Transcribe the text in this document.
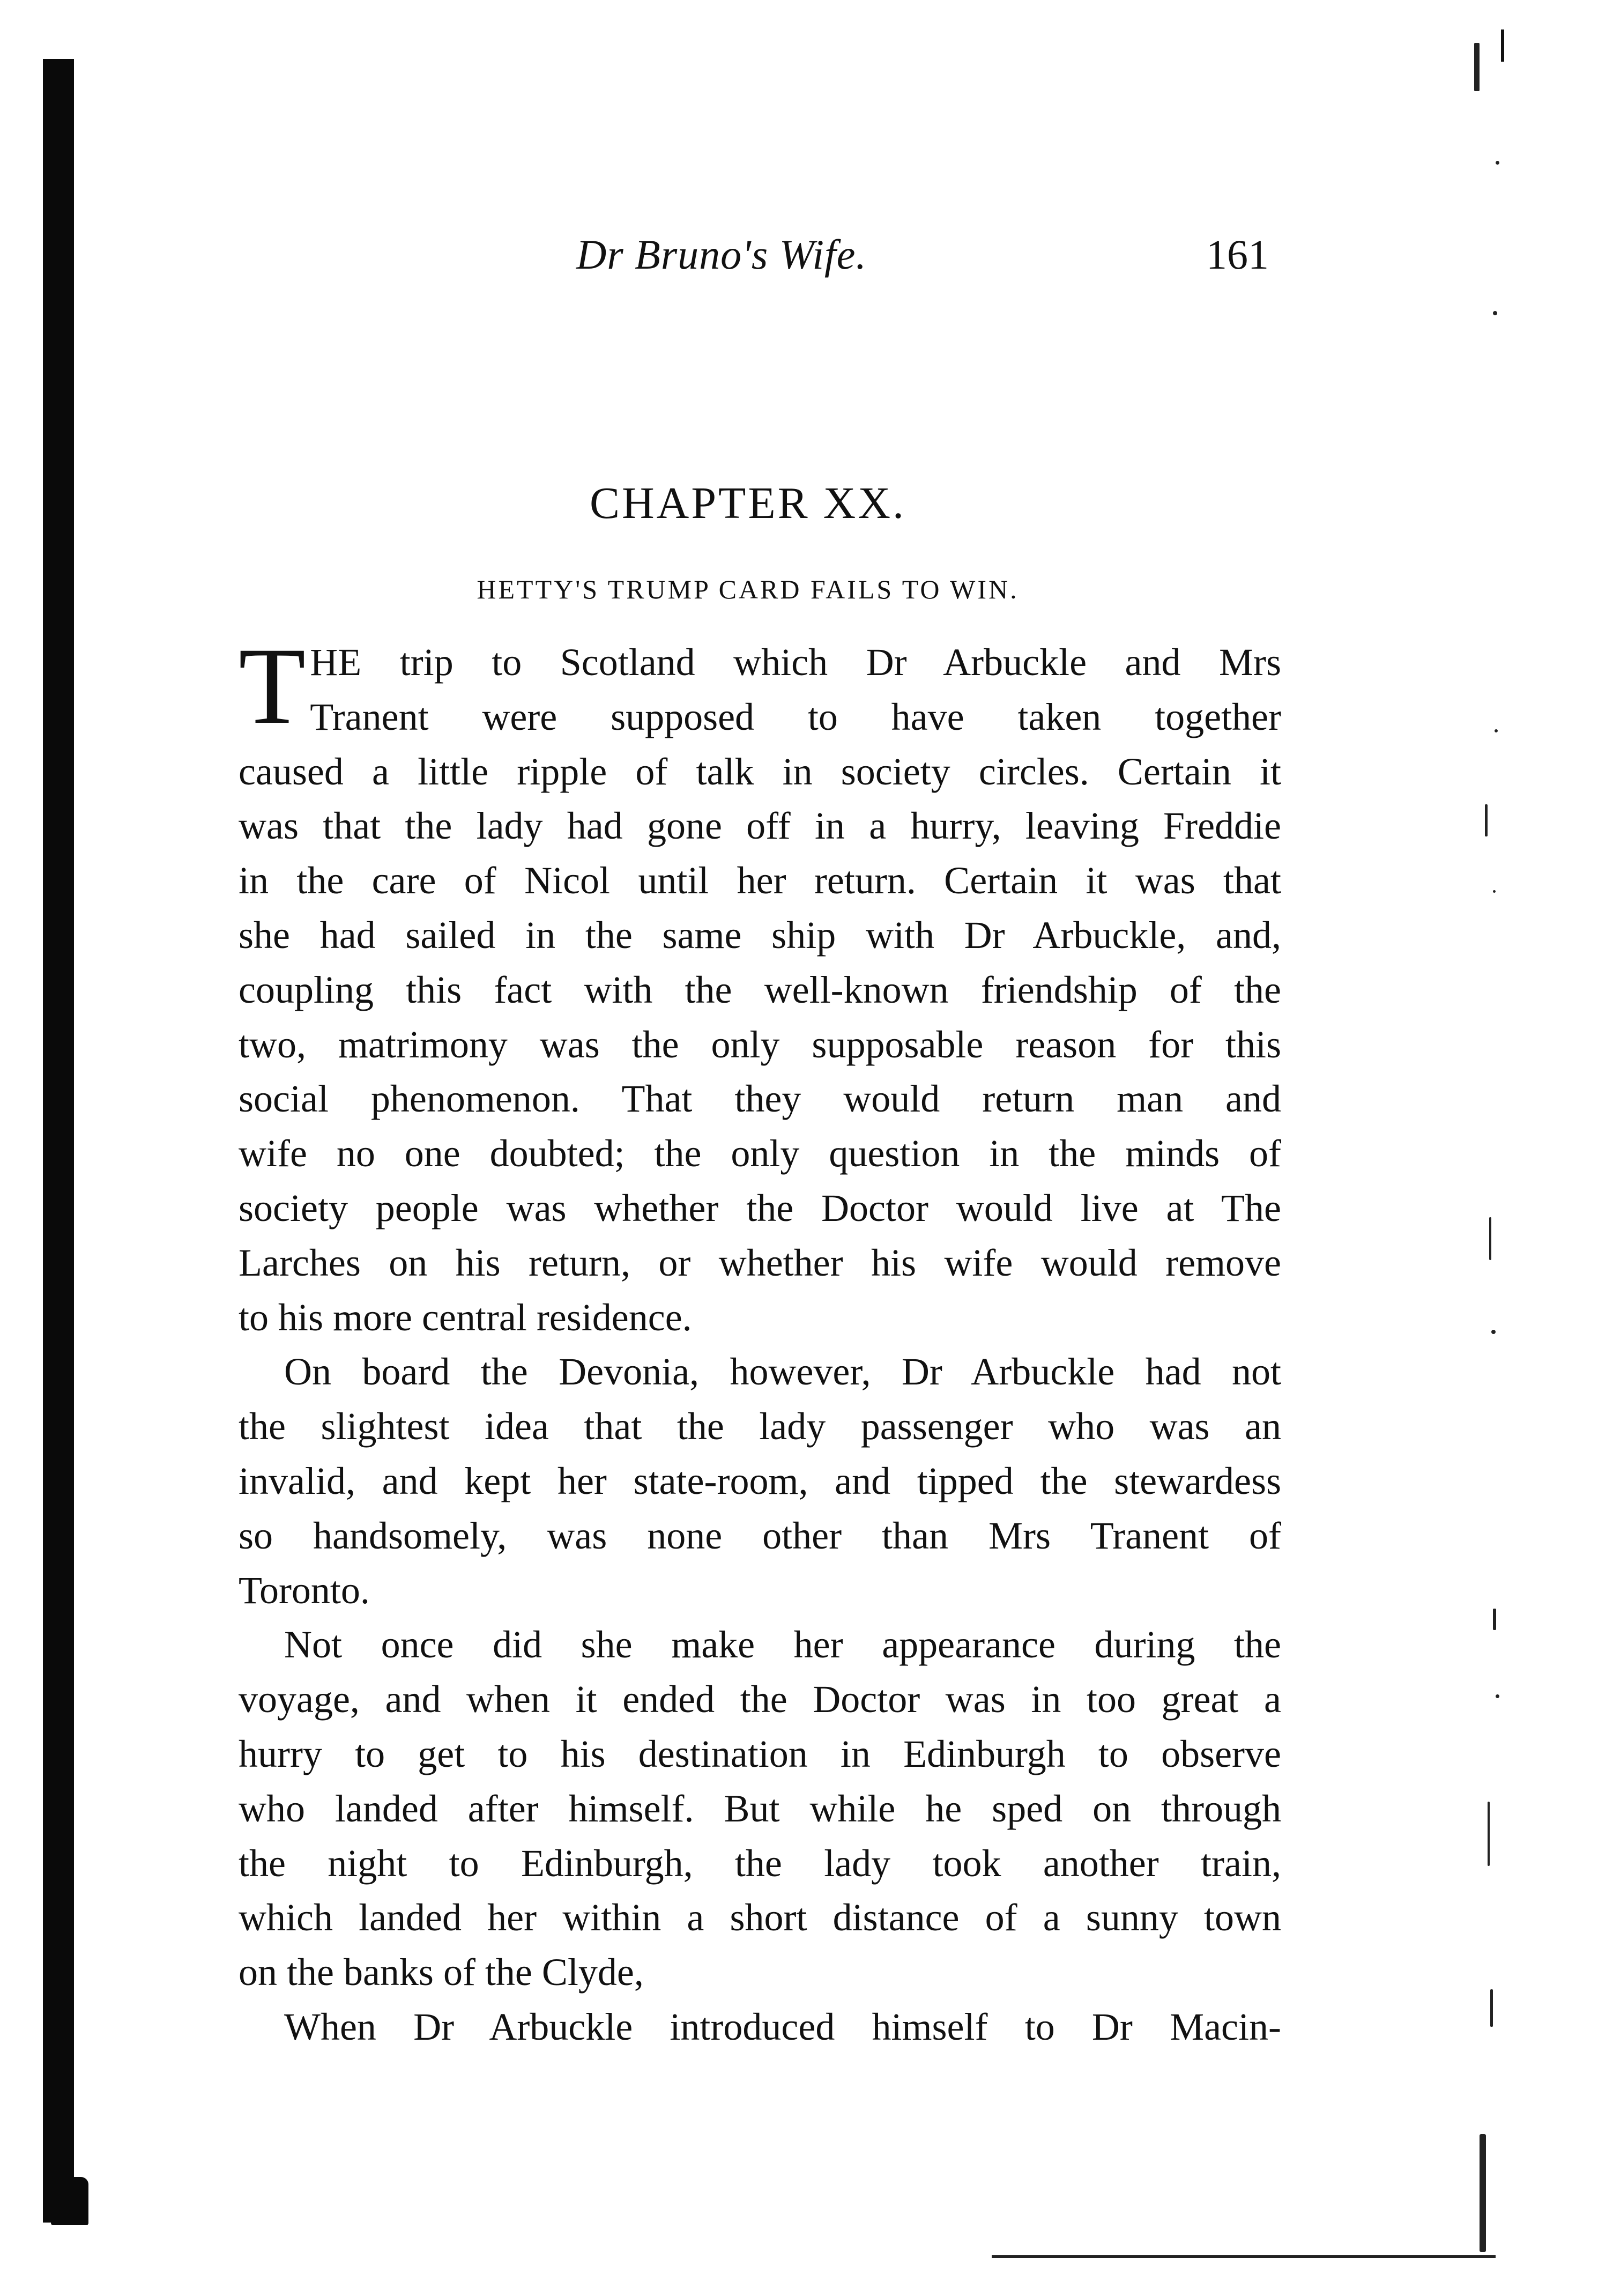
Dr Bruno's Wife.	161
CHAPTER XX.
HETTY'S TRUMP CARD FAILS TO WIN.
T HE trip to Scotland which Dr Arbuckle and Mrs
Tranent were supposed to have taken together
caused a little ripple of talk in society circles. Certain it
was that the lady had gone off in a hurry, leaving Freddie
in the care of Nicol until her return. Certain it was that
she had sailed in the same ship with Dr Arbuckle, and,
coupling this fact with the well-known friendship of the
two, matrimony was the only supposable reason for this
social phenomenon. That they would return man and
wife no one doubted; the only question in the minds of
society people was whether the Doctor would live at The
Larches on his return, or whether his wife would remove
to his more central residence.
On board the Devonia, however, Dr Arbuckle had not
the slightest idea that the lady passenger who was an
invalid, and kept her state-room, and tipped the stewardess
so handsomely, was none other than Mrs Tranent of
Toronto.
Not once did she make her appearance during the
voyage, and when it ended the Doctor was in too great a
hurry to get to his destination in Edinburgh to observe
who landed after himself. But while he sped on through
the night to Edinburgh, the lady took another train,
which landed her within a short distance of a sunny town
on the banks of the Clyde,
When Dr Arbuckle introduced himself to Dr Macin-
